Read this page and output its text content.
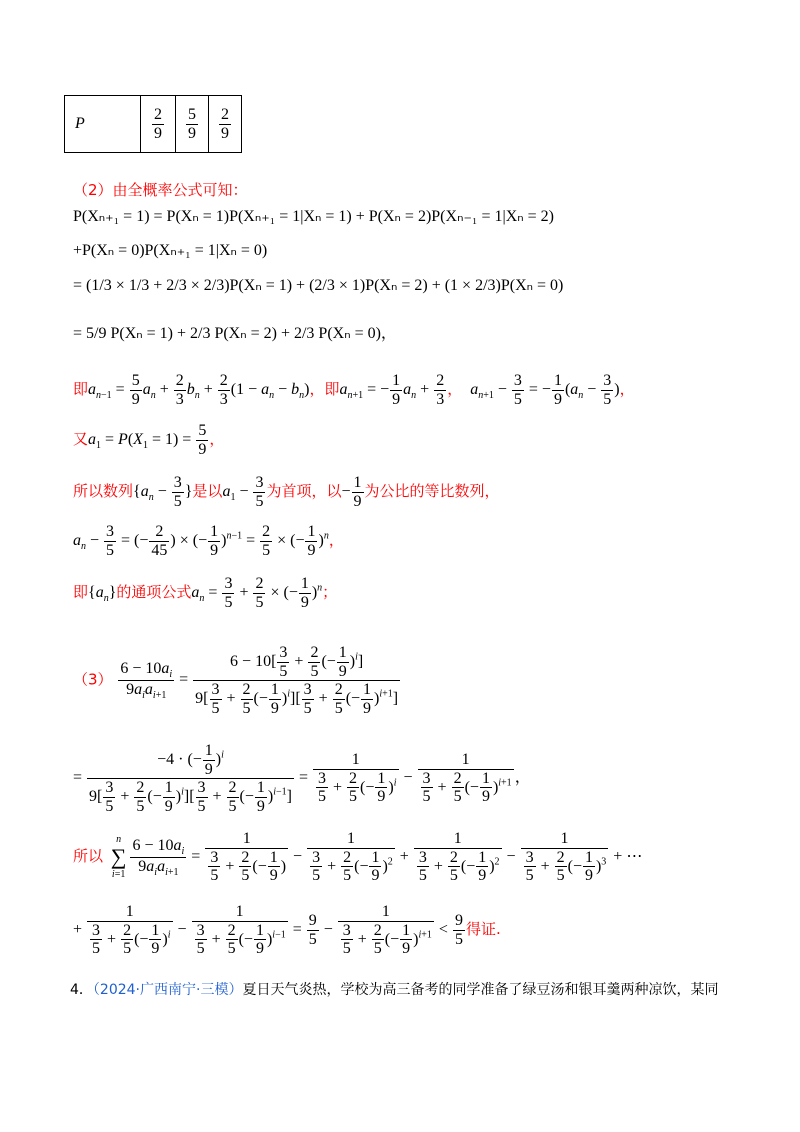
P	$\frac{2}{9}$	$\frac{5}{9}$	$\frac{2}{9}$
（2）由全概率公式可知：
P(Xₙ₊₁ = 1) = P(Xₙ = 1)P(Xₙ₊₁ = 1|Xₙ = 1) + P(Xₙ = 2)P(Xₙ₋₁ = 1|Xₙ = 2)
+P(Xₙ = 0)P(Xₙ₊₁ = 1|Xₙ = 0)
= (1/3 × 1/3 + 2/3 × 2/3)P(Xₙ = 1) + (2/3 × 1)P(Xₙ = 2) + (1 × 2/3)P(Xₙ = 0)
= 5/9 P(Xₙ = 1) + 2/3 P(Xₙ = 2) + 2/3 P(Xₙ = 0)，
即$a_{n-1} = \frac{5}{9} a_n + \frac{2}{3} b_n + \frac{2}{3} (1 - a_n - b_n)$，即$a_{n+1}$ = − $\frac{1}{9} a_n + \frac{2}{3}$ ， $a_{n+1} - \frac{3}{5}$ = − $\frac{1}{9} (a_n - \frac{3}{5}$ )，
又$a_1 = P(X_1 = 1) = \frac{5}{9}$ ，
所以数列{$a_n - \frac{3}{5}$ }是以$a_1 - \frac{3}{5}$ 为首项，以− $\frac{1}{9}$ 为公比的等比数列，
$a_n - \frac{3}{5}$ = (− $\frac{2}{45}$ ) × (− $\frac{1}{9} )^{n-1} = \frac{2}{5}$ × (− $\frac{1}{9} )^n$，
即$\{a_n\}$的通项公式$a_n = \frac{3}{5} + \frac{2}{5}$ × (− $\frac{1}{9} )^n$；
$(3) \frac{6 - 10a_i}{9a_ia_{i+1}} = \frac{6 - 10[ \frac{3}{5} + \frac{2}{5} (- \frac{1}{9} )^i]}{9[ \frac{3}{5} + \frac{2}{5} (- \frac{1}{9} )^i][ \frac{3}{5} + \frac{2}{5} (- \frac{1}{9} )^{i+1}]}$
= $\frac{-4 \cdot (- \frac{1}{9} )^i}{9[ \frac{3}{5} + \frac{2}{5} (- \frac{1}{9} )^i][ \frac{3}{5} + \frac{2}{5} (- \frac{1}{9} )^{i-1}]} = \frac{1}{\frac{3}{5} + \frac{2}{5} (- \frac{1}{9} )^i} - \frac{1}{\frac{3}{5} + \frac{2}{5} (- \frac{1}{9} )^{i+1}}$ ，
所以
n
∑
$i=1 \frac{6 - 10a_i}{9a_ia_{i+1}} = \frac{1}{\frac{3}{5} + \frac{2}{5} (- \frac{1}{9} )} - \frac{1}{\frac{3}{5} + \frac{2}{5} (- \frac{1}{9} )^2} + \frac{1}{\frac{3}{5} + \frac{2}{5} (- \frac{1}{9} )^2} - \frac{1}{\frac{3}{5} + \frac{2}{5} (- \frac{1}{9} )^3}$ + ⋯
+ $\frac{1}{\frac{3}{5} + \frac{2}{5} (- \frac{1}{9} )^i} - \frac{1}{\frac{3}{5} + \frac{2}{5} (- \frac{1}{9} )^{i-1}} = \frac{9}{5} - \frac{1}{\frac{3}{5} + \frac{2}{5} (- \frac{1}{9} )^{i+1}} < \frac{9}{5}$ 得证.
4．（2024·广西南宁·三模）夏日天气炎热，学校为高三备考的同学准备了绿豆汤和银耳羹两种凉饮，某同
